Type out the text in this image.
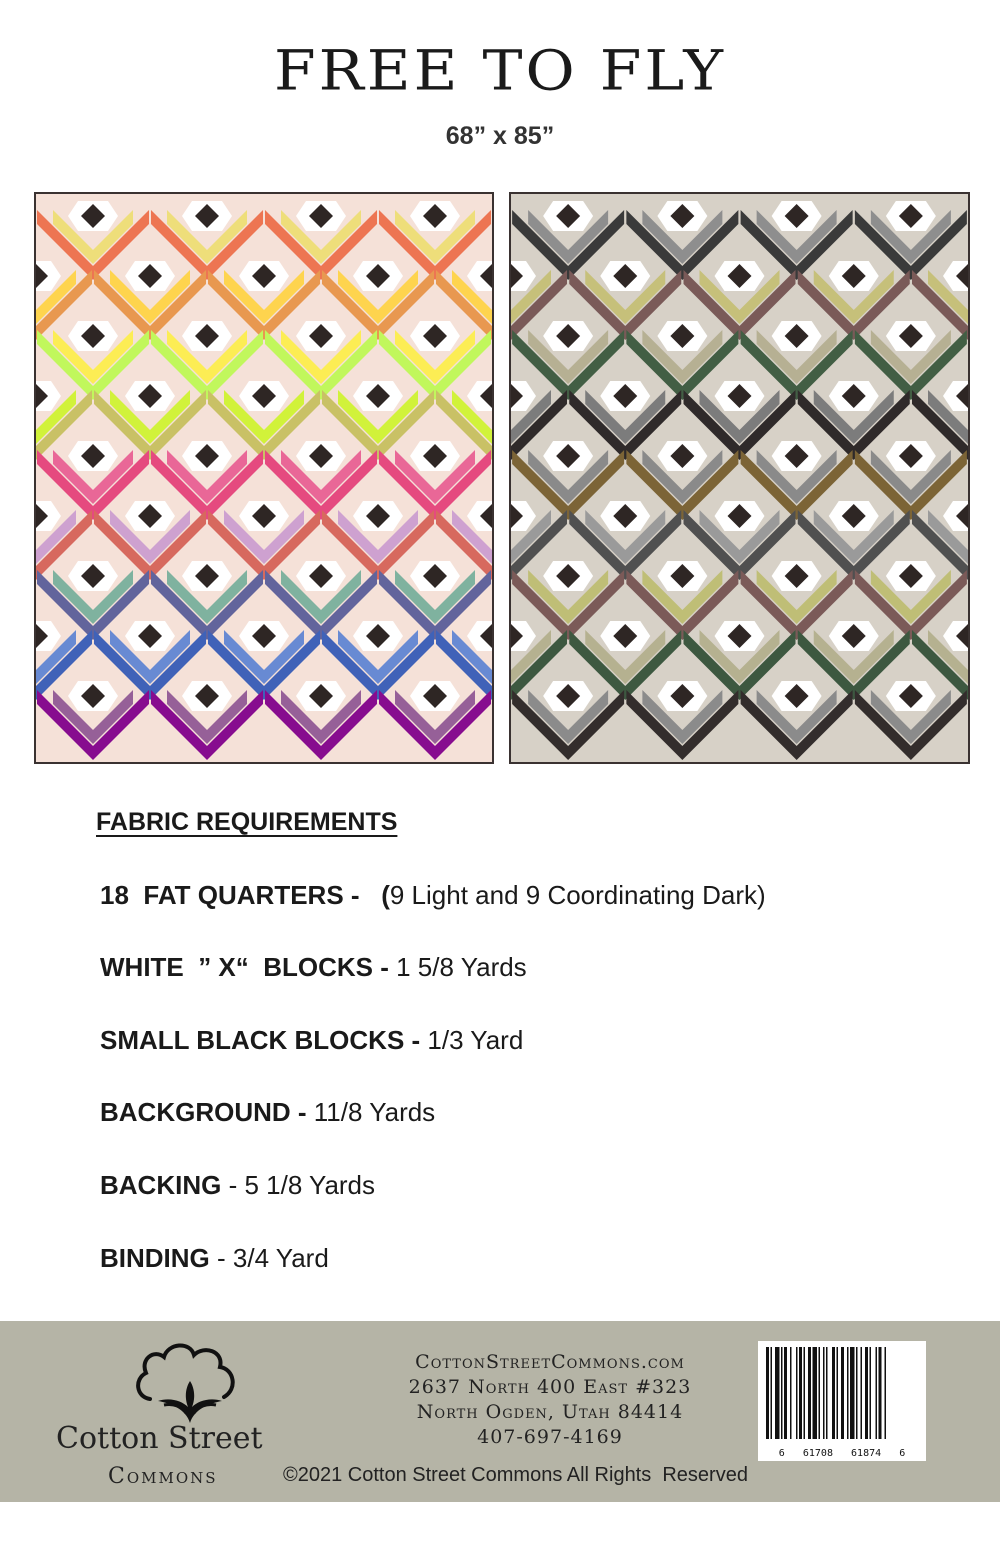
FREE TO FLY
68” x 85”
FABRIC REQUIREMENTS
18  FAT QUARTERS -   (9 Light and 9 Coordinating Dark)
WHITE  ” X“  BLOCKS - 1 5/8 Yards
SMALL BLACK BLOCKS - 1/3 Yard
BACKGROUND - 11/8 Yards
BACKING - 5 1/8 Yards
BINDING - 3/4 Yard
Cotton Street
Commons
CottonStreetCommons.com
2637 North 400 East #323
North Ogden, Utah 84414
407-697-4169
©2021 Cotton Street Commons All Rights  Reserved
6   61708   61874   6
